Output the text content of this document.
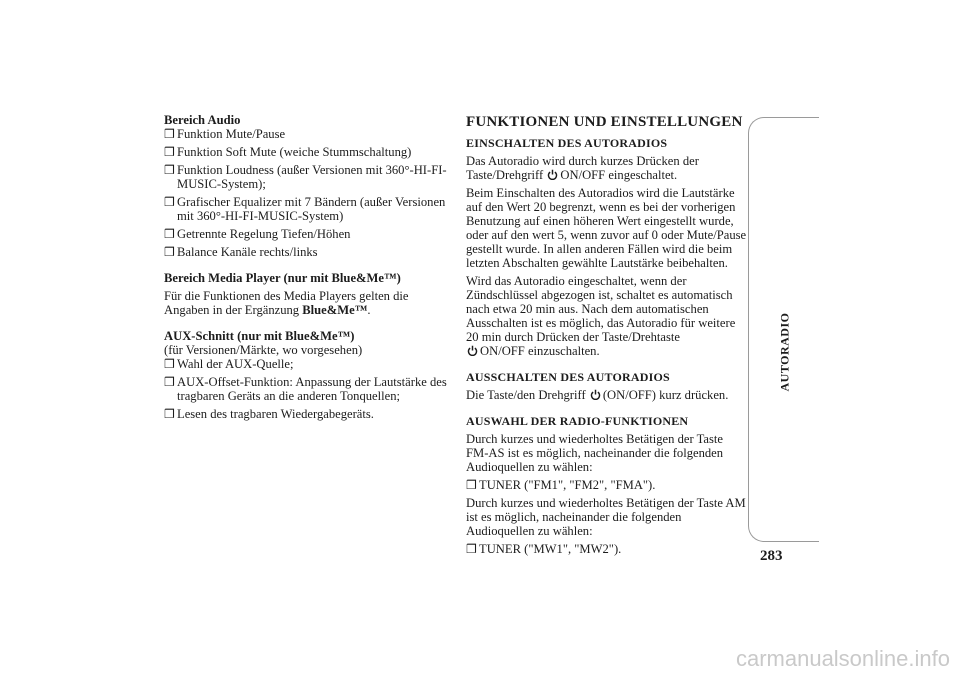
Bereich Audio

❒ Funktion Mute/Pause

❒ Funktion Soft Mute (weiche Stummschaltung)

❒ Funktion Loudness (außer Versionen mit 360°-HI-FI-MUSIC-System);

❒ Grafischer Equalizer mit 7 Bändern (außer Versionen mit 360°-HI-FI-MUSIC-System)

❒ Getrennte Regelung Tiefen/Höhen

❒ Balance Kanäle rechts/links

Bereich Media Player (nur mit Blue&Me™)

Für die Funktionen des Media Players gelten die Angaben in der Ergänzung Blue&Me™.

AUX-Schnitt (nur mit Blue&Me™)

(für Versionen/Märkte, wo vorgesehen)

❒ Wahl der AUX-Quelle;

❒ AUX-Offset-Funktion: Anpassung der Lautstärke des tragbaren Geräts an die anderen Tonquellen;

❒ Lesen des tragbaren Wiedergabegeräts.

FUNKTIONEN UND EINSTELLUNGEN

EINSCHALTEN DES AUTORADIOS

Das Autoradio wird durch kurzes Drücken der Taste/Drehgriff ON/OFF eingeschaltet.

Beim Einschalten des Autoradios wird die Lautstärke auf den Wert 20 begrenzt, wenn es bei der vorherigen Benutzung auf einen höheren Wert eingestellt wurde, oder auf den wert 5, wenn zuvor auf 0 oder Mute/Pause gestellt wurde. In allen anderen Fällen wird die beim letzten Abschalten gewählte Lautstärke beibehalten.

Wird das Autoradio eingeschaltet, wenn der Zündschlüssel abgezogen ist, schaltet es automatisch nach etwa 20 min aus. Nach dem automatischen Ausschalten ist es möglich, das Autoradio für weitere 20 min durch Drücken der Taste/Drehtaste
ON/OFF einzuschalten.

AUSSCHALTEN DES AUTORADIOS

Die Taste/den Drehgriff (ON/OFF) kurz drücken.

AUSWAHL DER RADIO-FUNKTIONEN

Durch kurzes und wiederholtes Betätigen der Taste FM-AS ist es möglich, nacheinander die folgenden Audioquellen zu wählen:

❒ TUNER ("FM1", "FM2", "FMA").

Durch kurzes und wiederholtes Betätigen der Taste AM ist es möglich, nacheinander die folgenden Audioquellen zu wählen:

❒ TUNER ("MW1", "MW2").

AUTORADIO
283
carmanualsonline.info
